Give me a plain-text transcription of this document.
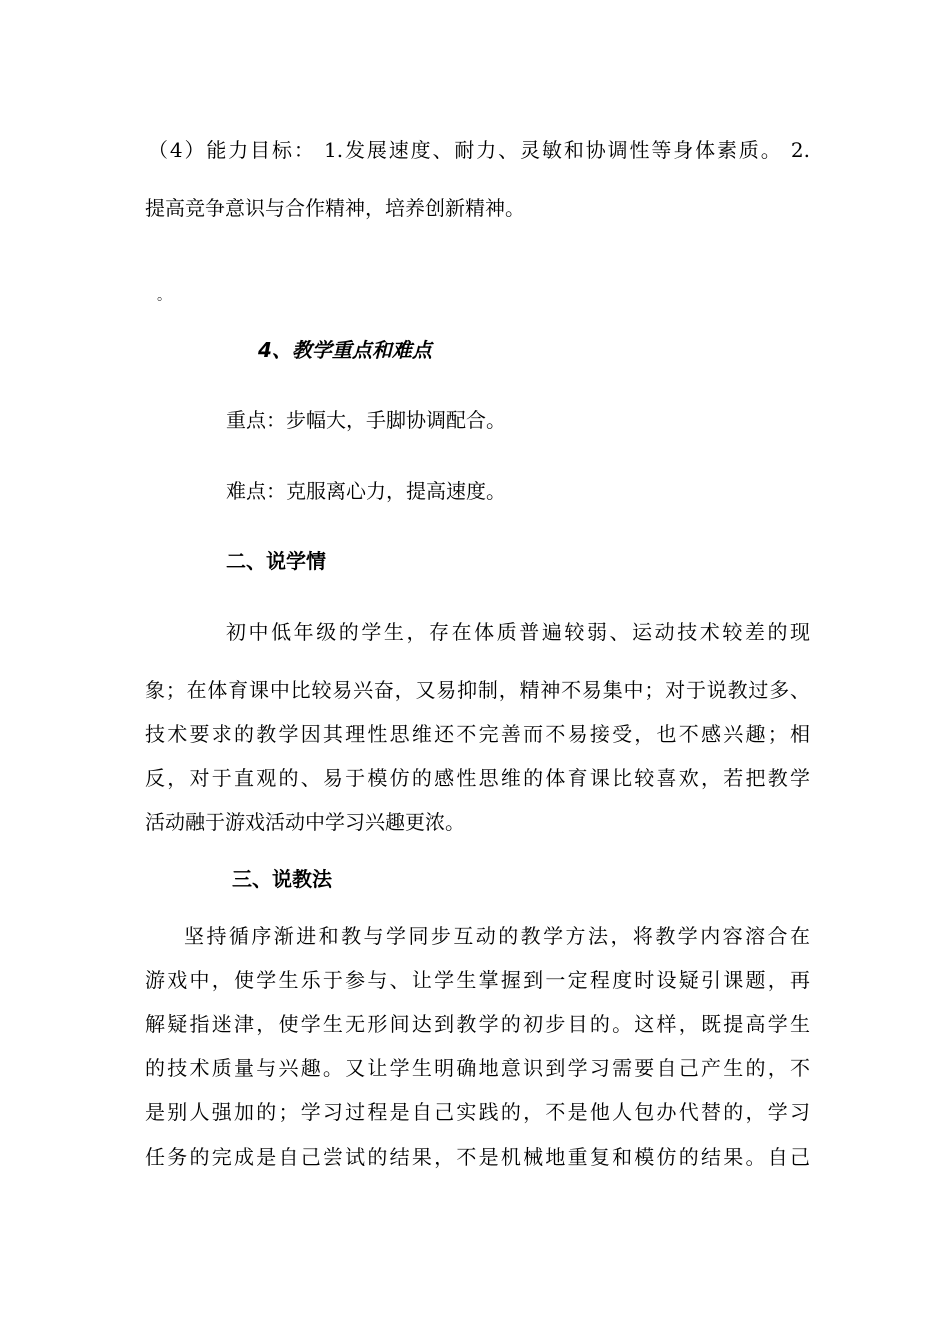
（4）能力目标： 1.发展速度、耐力、灵敏和协调性等身体素质。 2.
提高竞争意识与合作精神，培养创新精神。
。
4、教学重点和难点
重点：步幅大，手脚协调配合。
难点：克服离心力，提高速度。
二、说学情
初中低年级的学生，存在体质普遍较弱、运动技术较差的现
象；在体育课中比较易兴奋，又易抑制，精神不易集中；对于说教过多、
技术要求的教学因其理性思维还不完善而不易接受，也不感兴趣；相
反，对于直观的、易于模仿的感性思维的体育课比较喜欢，若把教学
活动融于游戏活动中学习兴趣更浓。
三、说教法
坚持循序渐进和教与学同步互动的教学方法，将教学内容溶合在
游戏中，使学生乐于参与、让学生掌握到一定程度时设疑引课题，再
解疑指迷津，使学生无形间达到教学的初步目的。这样，既提高学生
的技术质量与兴趣。又让学生明确地意识到学习需要自己产生的，不
是别人强加的；学习过程是自己实践的，不是他人包办代替的，学习
任务的完成是自己尝试的结果，不是机械地重复和模仿的结果。自己
